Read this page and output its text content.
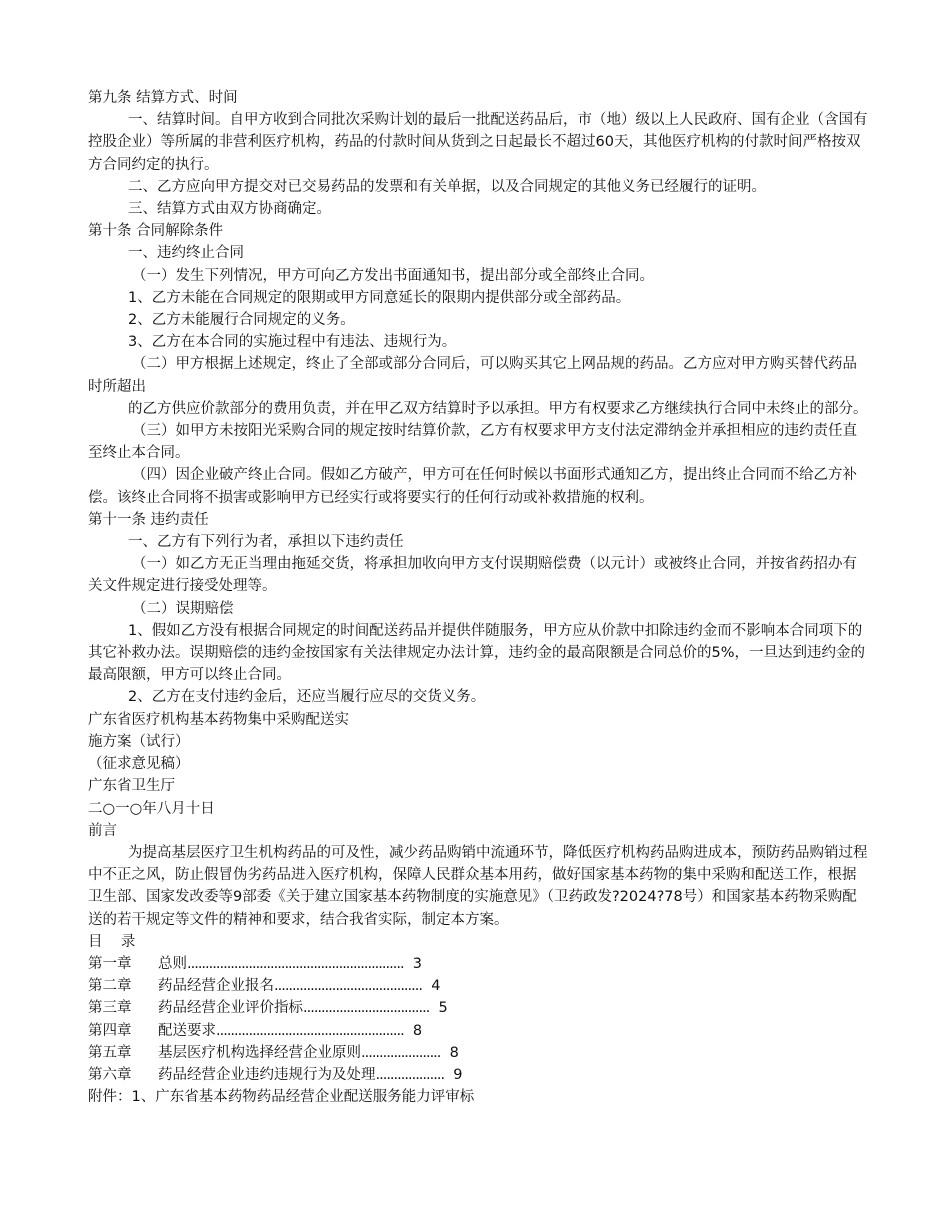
第九条 结算方式、时间

一、结算时间。自甲方收到合同批次采购计划的最后一批配送药品后，市（地）级以上人民政府、国有企业（含国有控股企业）等所属的非营利医疗机构，药品的付款时间从货到之日起最长不超过60天，其他医疗机构的付款时间严格按双方合同约定的执行。

二、乙方应向甲方提交对已交易药品的发票和有关单据，以及合同规定的其他义务已经履行的证明。

三、结算方式由双方协商确定。

第十条 合同解除条件

一、违约终止合同

（一）发生下列情况，甲方可向乙方发出书面通知书，提出部分或全部终止合同。

1、乙方未能在合同规定的限期或甲方同意延长的限期内提供部分或全部药品。

2、乙方未能履行合同规定的义务。

3、乙方在本合同的实施过程中有违法、违规行为。

（二）甲方根据上述规定，终止了全部或部分合同后，可以购买其它上网品规的药品。乙方应对甲方购买替代药品时所超出

的乙方供应价款部分的费用负责，并在甲乙双方结算时予以承担。甲方有权要求乙方继续执行合同中未终止的部分。

（三）如甲方未按阳光采购合同的规定按时结算价款，乙方有权要求甲方支付法定滞纳金并承担相应的违约责任直至终止本合同。

（四）因企业破产终止合同。假如乙方破产，甲方可在任何时候以书面形式通知乙方，提出终止合同而不给乙方补偿。该终止合同将不损害或影响甲方已经实行或将要实行的任何行动或补救措施的权利。

第十一条 违约责任

一、乙方有下列行为者，承担以下违约责任

（一）如乙方无正当理由拖延交货，将承担加收向甲方支付误期赔偿费（以元计）或被终止合同，并按省药招办有关文件规定进行接受处理等。

（二）误期赔偿

1、假如乙方没有根据合同规定的时间配送药品并提供伴随服务，甲方应从价款中扣除违约金而不影响本合同项下的其它补救办法。误期赔偿的违约金按国家有关法律规定办法计算，违约金的最高限额是合同总价的5%，一旦达到违约金的最高限额，甲方可以终止合同。

2、乙方在支付违约金后，还应当履行应尽的交货义务。

广东省医疗机构基本药物集中采购配送实

施方案（试行）

（征求意见稿）

广东省卫生厅

二○一○年八月十日

前言

为提高基层医疗卫生机构药品的可及性，减少药品购销中流通环节，降低医疗机构药品购进成本，预防药品购销过程中不正之风，防止假冒伪劣药品进入医疗机构，保障人民群众基本用药，做好国家基本药物的集中采购和配送工作，根据卫生部、国家发改委等9部委《关于建立国家基本药物制度的实施意见》（卫药政发?2024?78号）和国家基本药物采购配送的若干规定等文件的精神和要求，结合我省实际，制定本方案。

目    录

第一章 总则............................................................ 3

第二章 药品经营企业报名......................................... 4

第三章 药品经营企业评价指标................................... 5

第四章 配送要求.................................................... 8

第五章 基层医疗机构选择经营企业原则...................... 8

第六章 药品经营企业违约违规行为及处理................... 9

附件：1、广东省基本药物药品经营企业配送服务能力评审标
